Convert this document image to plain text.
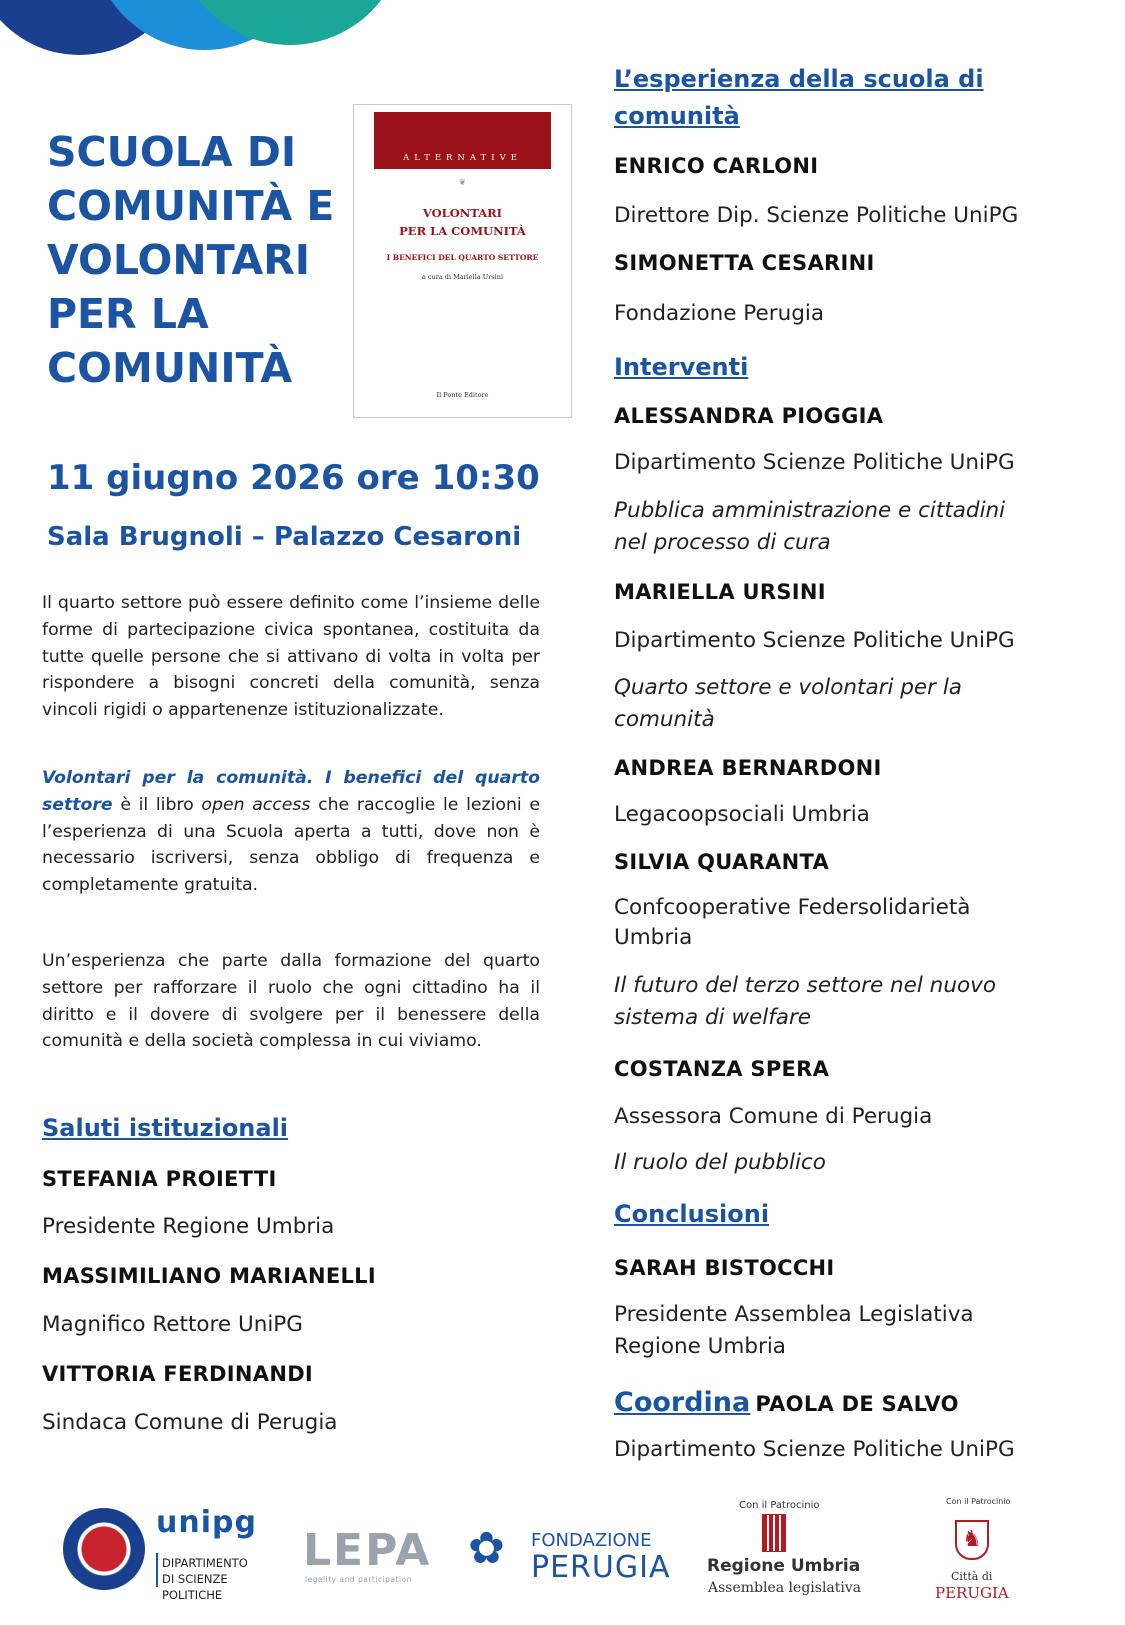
SCUOLA DI
COMUNITÀ E
VOLONTARI
PER LA
COMUNITÀ
ALTERNATIVE
❦
VOLONTARI
PER LA COMUNITÀ
I BENEFICI DEL QUARTO SETTORE
a cura di Mariella Ursini
Il Ponte Editore
11 giugno 2026 ore 10:30
Sala Brugnoli – Palazzo Cesaroni

Il quarto settore può essere definito come l’insieme delle forme di partecipazione civica spontanea, costituita da tutte quelle persone che si attivano di volta in volta per rispondere a bisogni concreti della comunità, senza vincoli rigidi o appartenenze istituzionalizzate.

Volontari per la comunità. I benefici del quarto settore è il libro open access che raccoglie le lezioni e l’esperienza di una Scuola aperta a tutti, dove non è necessario iscriversi, senza obbligo di frequenza e completamente gratuita.

Un’esperienza che parte dalla formazione del quarto settore per rafforzare il ruolo che ogni cittadino ha il diritto e il dovere di svolgere per il benessere della comunità e della società complessa in cui viviamo.

Saluti istituzionali
STEFANIA PROIETTI
Presidente Regione Umbria
MASSIMILIANO MARIANELLI
Magnifico Rettore UniPG
VITTORIA FERDINANDI
Sindaca Comune di Perugia
L’esperienza della scuola di
comunità
ENRICO CARLONI
Direttore Dip. Scienze Politiche UniPG
SIMONETTA CESARINI
Fondazione Perugia
Interventi
ALESSANDRA PIOGGIA
Dipartimento Scienze Politiche UniPG
Pubblica amministrazione e cittadini
nel processo di cura
MARIELLA URSINI
Dipartimento Scienze Politiche UniPG
Quarto settore e volontari per la
comunità
ANDREA BERNARDONI
Legacoopsociali Umbria
SILVIA QUARANTA
Confcooperative Federsolidarietà
Umbria
Il futuro del terzo settore nel nuovo
sistema di welfare
COSTANZA SPERA
Assessora Comune di Perugia
Il ruolo del pubblico
Conclusioni
SARAH BISTOCCHI
Presidente Assemblea Legislativa
Regione Umbria
Coordina PAOLA DE SALVO
Dipartimento Scienze Politiche UniPG
unipg
DIPARTIMENTO
DI SCIENZE POLITICHE
LEPA
legality and participation
✿ FONDAZIONE
PERUGIA
Con il Patrocinio
Regione Umbria
Assemblea legislativa
Con il Patrocinio
♞
Città di
PERUGIA
